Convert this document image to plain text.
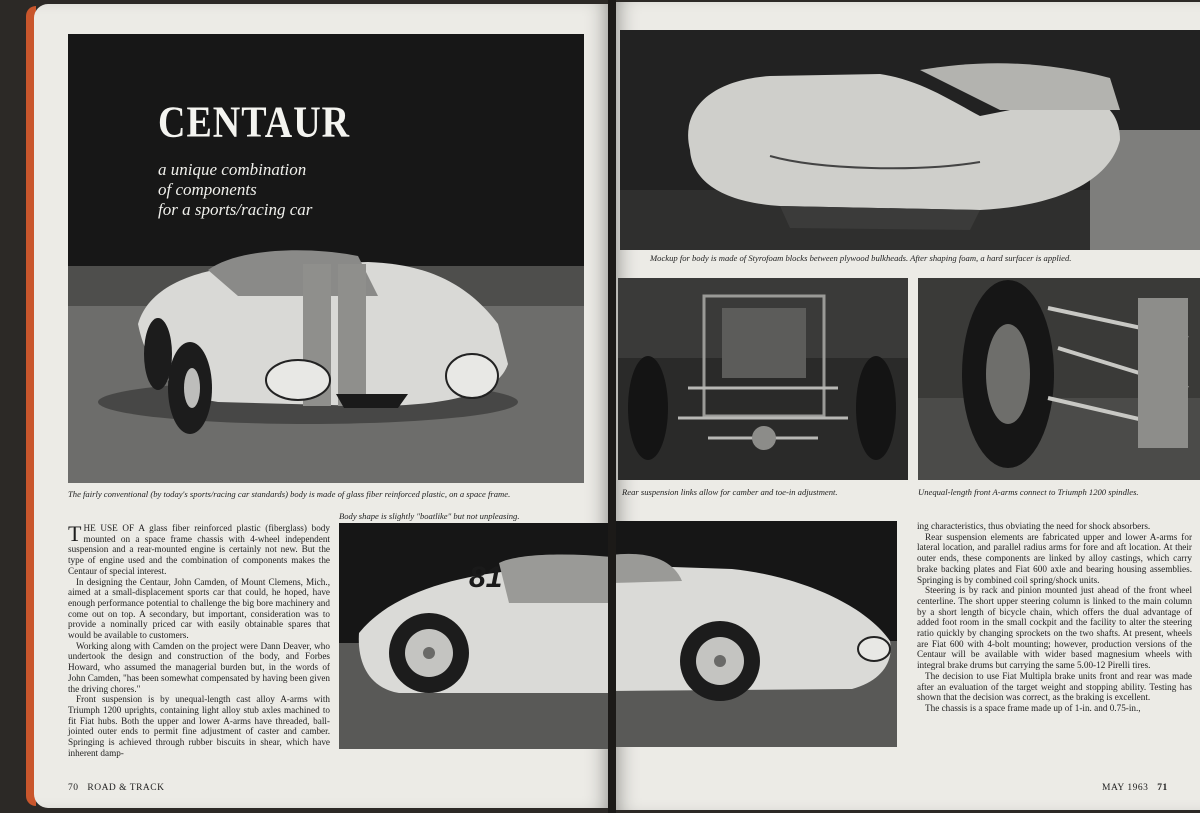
CENTAUR
a unique combination
of components
for a sports/racing car
The fairly conventional (by today's sports/racing car standards) body is made of glass fiber reinforced plastic, on a space frame.

THE USE OF A glass fiber reinforced plastic (fiberglass) body mounted on a space frame chassis with 4-wheel independent suspension and a rear-mounted engine is certainly not new. But the type of engine used and the combination of components makes the Centaur of special interest.

In designing the Centaur, John Camden, of Mount Clemens, Mich., aimed at a small-displacement sports car that could, he hoped, have enough performance potential to challenge the big bore machinery and come out on top. A secondary, but important, consideration was to provide a nominally priced car with easily obtainable spares that would be available to customers.

Working along with Camden on the project were Dann Deaver, who undertook the design and construction of the body, and Forbes Howard, who assumed the managerial burden but, in the words of John Camden, "has been somewhat compensated by having been given the driving chores."

Front suspension is by unequal-length cast alloy A-arms with Triumph 1200 uprights, containing light alloy stub axles machined to fit Fiat hubs. Both the upper and lower A-arms have threaded, ball-jointed outer ends to permit fine adjustment of caster and camber. Springing is achieved through rubber biscuits in shear, which have inherent damp-

Body shape is slightly "boatlike" but not unpleasing.
81
70 ROAD & TRACK
Mockup for body is made of Styrofoam blocks between plywood bulkheads. After shaping foam, a hard surfacer is applied.
Rear suspension links allow for camber and toe-in adjustment.	Unequal-length front A-arms connect to Triumph 1200 spindles.

ing characteristics, thus obviating the need for shock absorbers.

Rear suspension elements are fabricated upper and lower A-arms for lateral location, and parallel radius arms for fore and aft location. At their outer ends, these components are linked by alloy castings, which carry brake backing plates and Fiat 600 axle and bearing housing assemblies. Springing is by combined coil spring/shock units.

Steering is by rack and pinion mounted just ahead of the front wheel centerline. The short upper steering column is linked to the main column by a short length of bicycle chain, which offers the dual advantage of added foot room in the small cockpit and the facility to alter the steering ratio quickly by changing sprockets on the two shafts. At present, wheels are Fiat 600 with 4-bolt mounting; however, production versions of the Centaur will be available with wider based magnesium wheels with integral brake drums but carrying the same 5.00-12 Pirelli tires.

The decision to use Fiat Multipla brake units front and rear was made after an evaluation of the target weight and stopping ability. Testing has shown that the decision was correct, as the braking is excellent.

The chassis is a space frame made up of 1-in. and 0.75-in.,

MAY 1963 71
